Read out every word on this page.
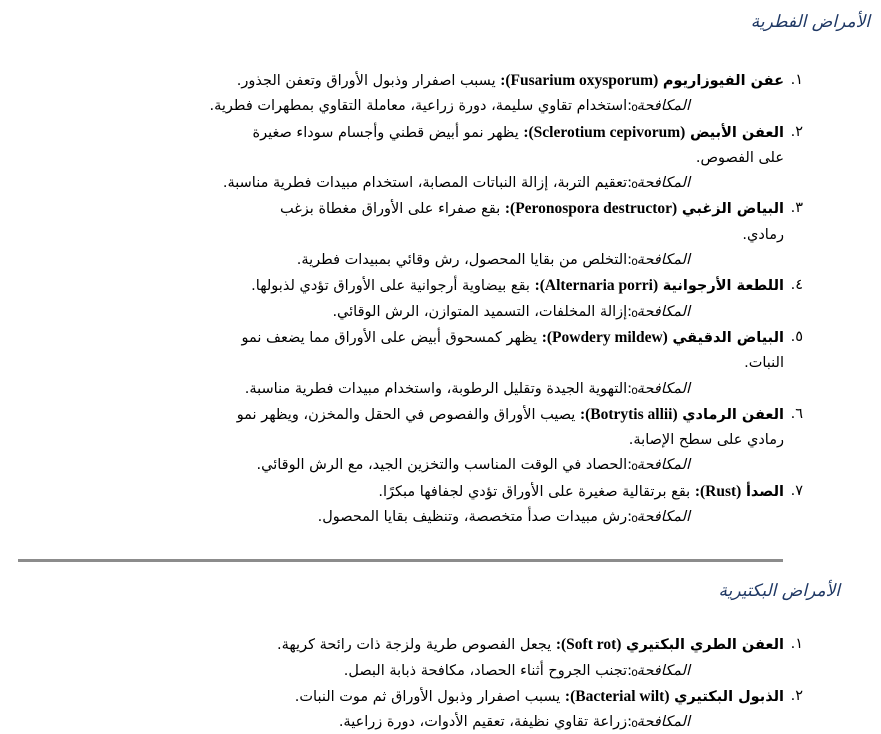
الأمراض الفطرية
١.
عفن الفيوزاريوم :(Fusarium oxysporum) يسبب اصفرار وذبول الأوراق وتعفن الجذور.
o
المكافحة :استخدام تقاوي سليمة، دورة زراعية، معاملة التقاوي بمطهرات فطرية.
٢.
العفن الأبيض :(Sclerotium cepivorum) يظهر نمو أبيض قطني وأجسام سوداء صغيرة
على الفصوص.
o
المكافحة :تعقيم التربة، إزالة النباتات المصابة، استخدام مبيدات فطرية مناسبة.
٣.
البياض الزغبي :(Peronospora destructor) بقع صفراء على الأوراق مغطاة بزغب
رمادي.
o
المكافحة :التخلص من بقايا المحصول، رش وقائي بمبيدات فطرية.
٤.
اللطعة الأرجوانية :(Alternaria porri) بقع بيضاوية أرجوانية على الأوراق تؤدي لذبولها.
o
المكافحة :إزالة المخلفات، التسميد المتوازن، الرش الوقائي.
٥.
البياض الدقيقي :(Powdery mildew) يظهر كمسحوق أبيض على الأوراق مما يضعف نمو
النبات.
o
المكافحة :التهوية الجيدة وتقليل الرطوبة، واستخدام مبيدات فطرية مناسبة.
٦.
العفن الرمادي :(Botrytis allii) يصيب الأوراق والفصوص في الحقل والمخزن، ويظهر نمو
رمادي على سطح الإصابة.
o
المكافحة :الحصاد في الوقت المناسب والتخزين الجيد، مع الرش الوقائي.
٧.
الصدأ :(Rust) بقع برتقالية صغيرة على الأوراق تؤدي لجفافها مبكرًا.
o
المكافحة :رش مبيدات صدأ متخصصة، وتنظيف بقايا المحصول.
الأمراض البكتيرية
١.
العفن الطري البكتيري :(Soft rot) يجعل الفصوص طرية ولزجة ذات رائحة كريهة.
o
المكافحة :تجنب الجروح أثناء الحصاد، مكافحة ذبابة البصل.
٢.
الذبول البكتيري :(Bacterial wilt) يسبب اصفرار وذبول الأوراق ثم موت النبات.
o
المكافحة :زراعة تقاوي نظيفة، تعقيم الأدوات، دورة زراعية.
